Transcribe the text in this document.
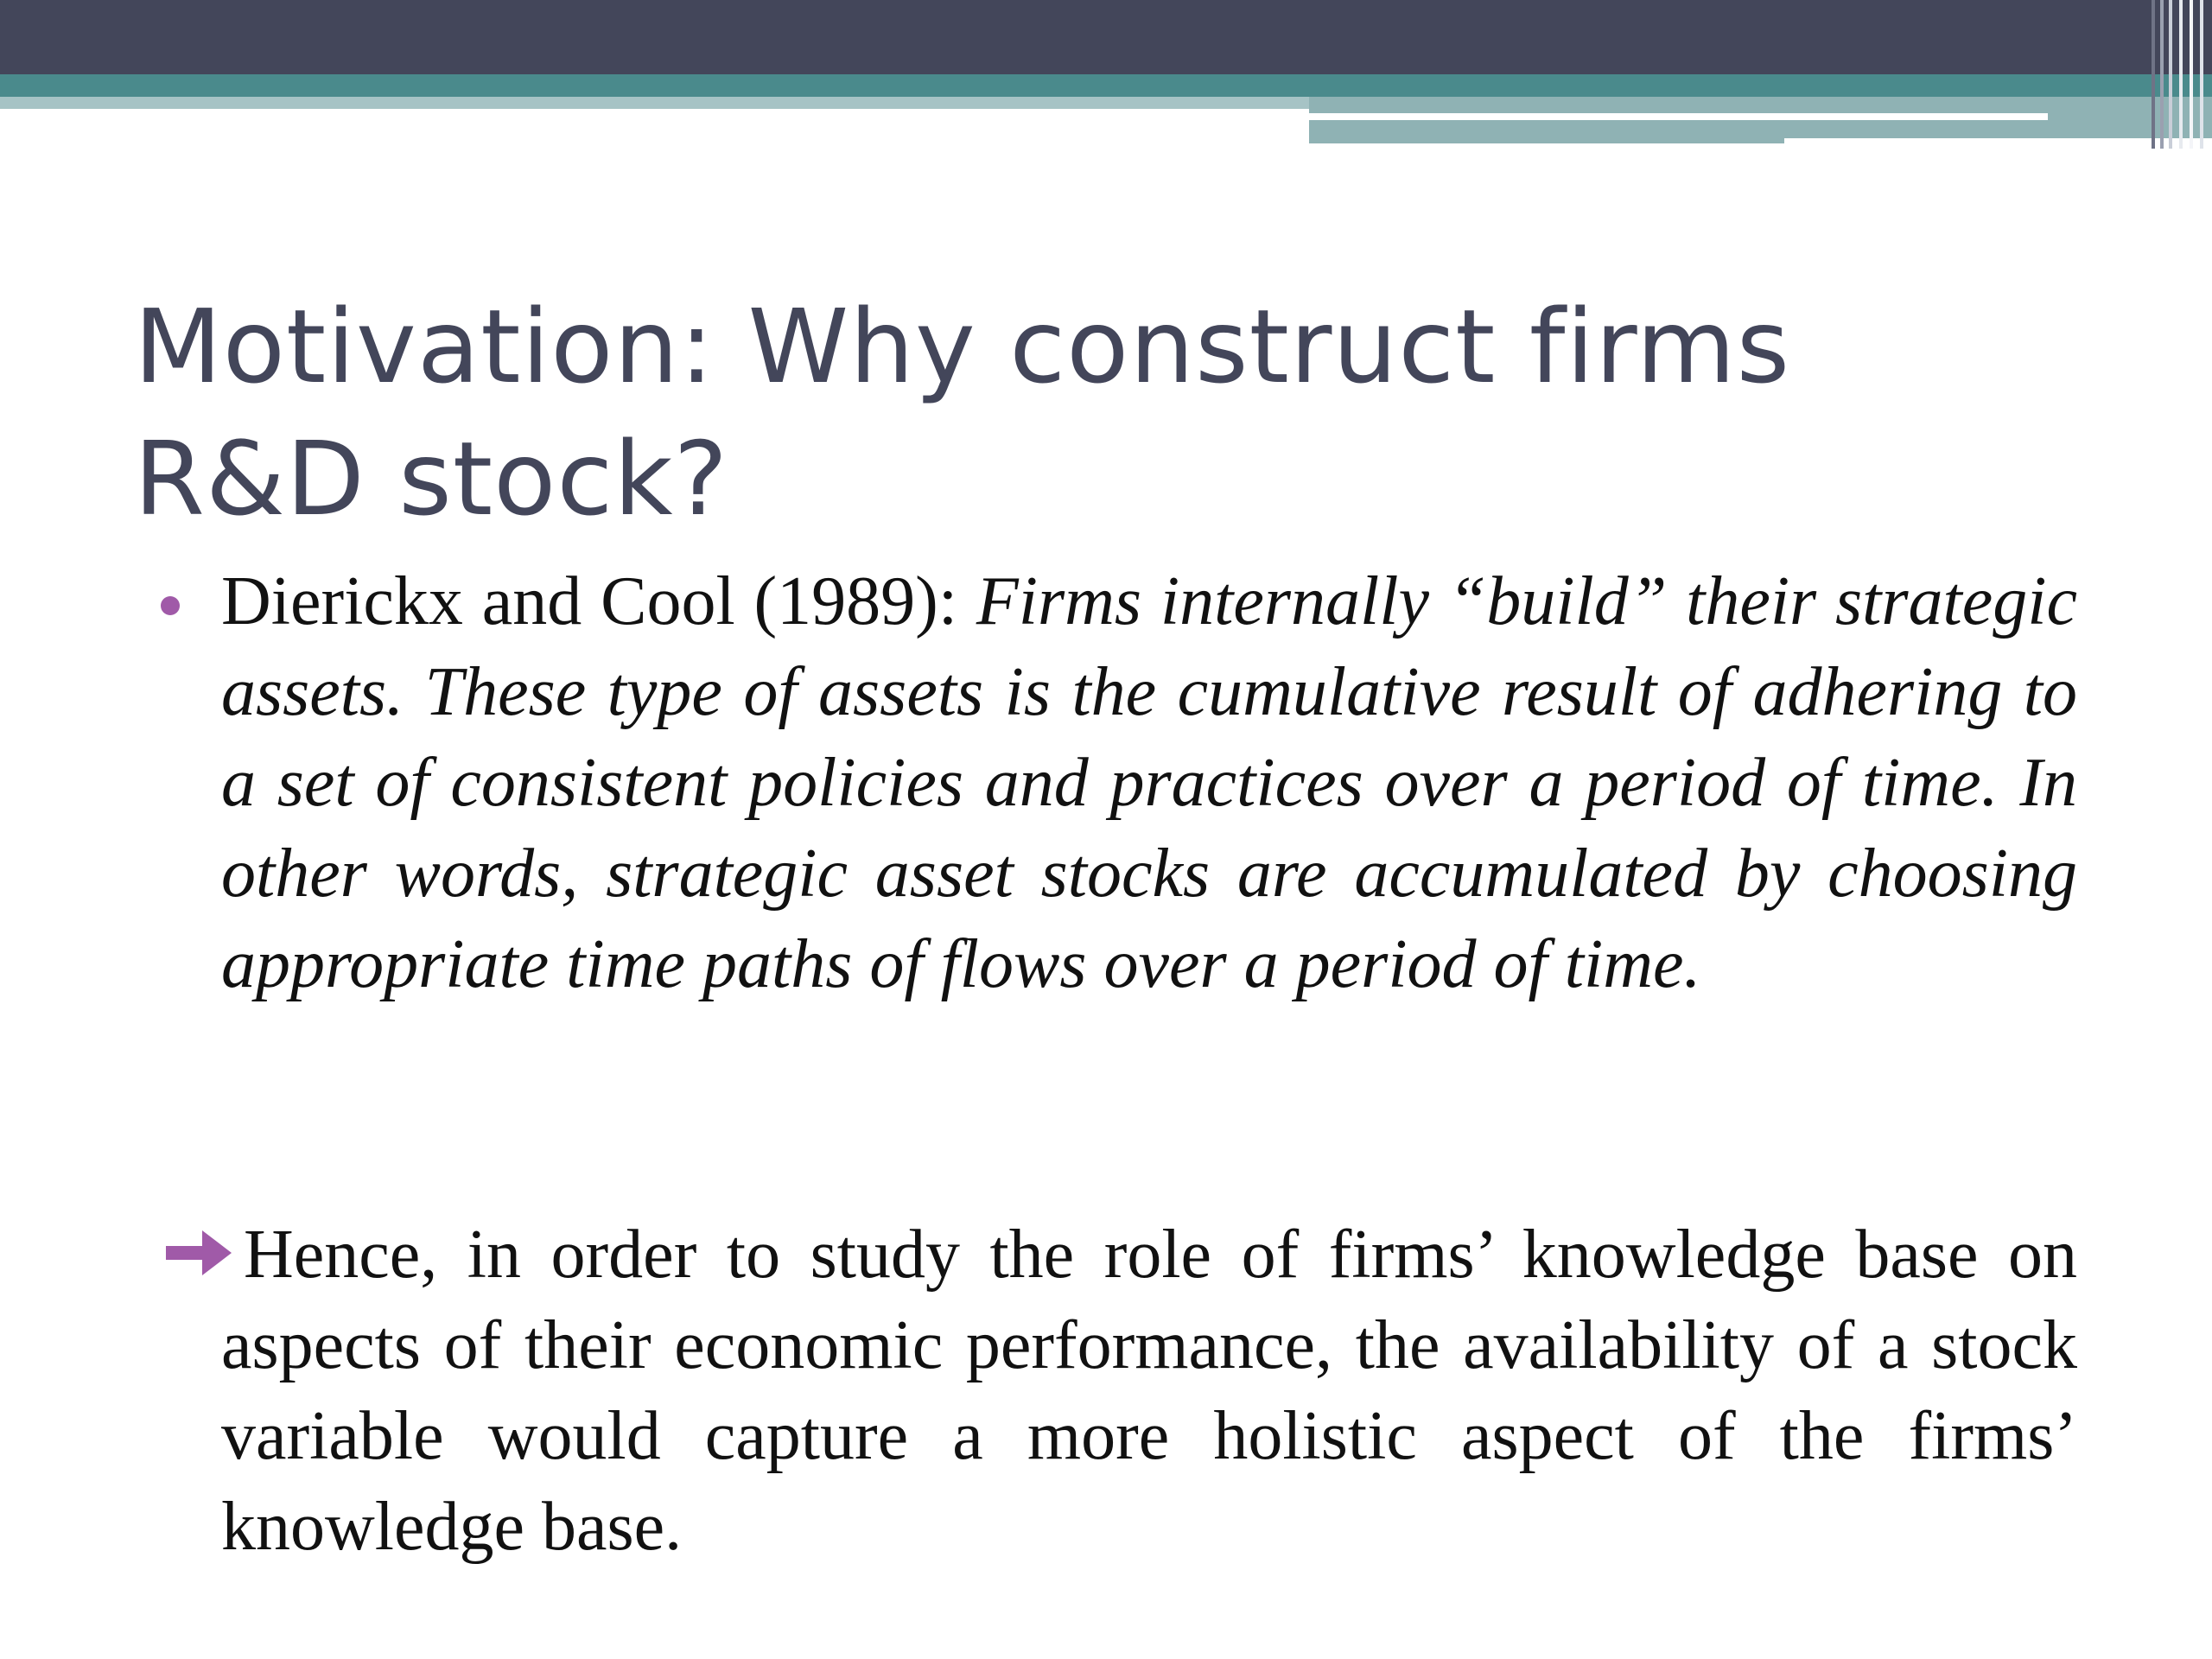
Motivation: Why construct firms
R&D stock?
Dierickx and Cool (1989): Firms internally “build” their strategic assets. These type of assets is the cumulative result of adhering to a set of consistent policies and practices over a period of time. In other words, strategic asset stocks are accumulated by choosing appropriate time paths of flows over a period of time.
Hence, in order to study the role of firms’ knowledge base on aspects of their economic performance, the availability of a stock variable would capture a more holistic aspect of the firms’ knowledge base.
